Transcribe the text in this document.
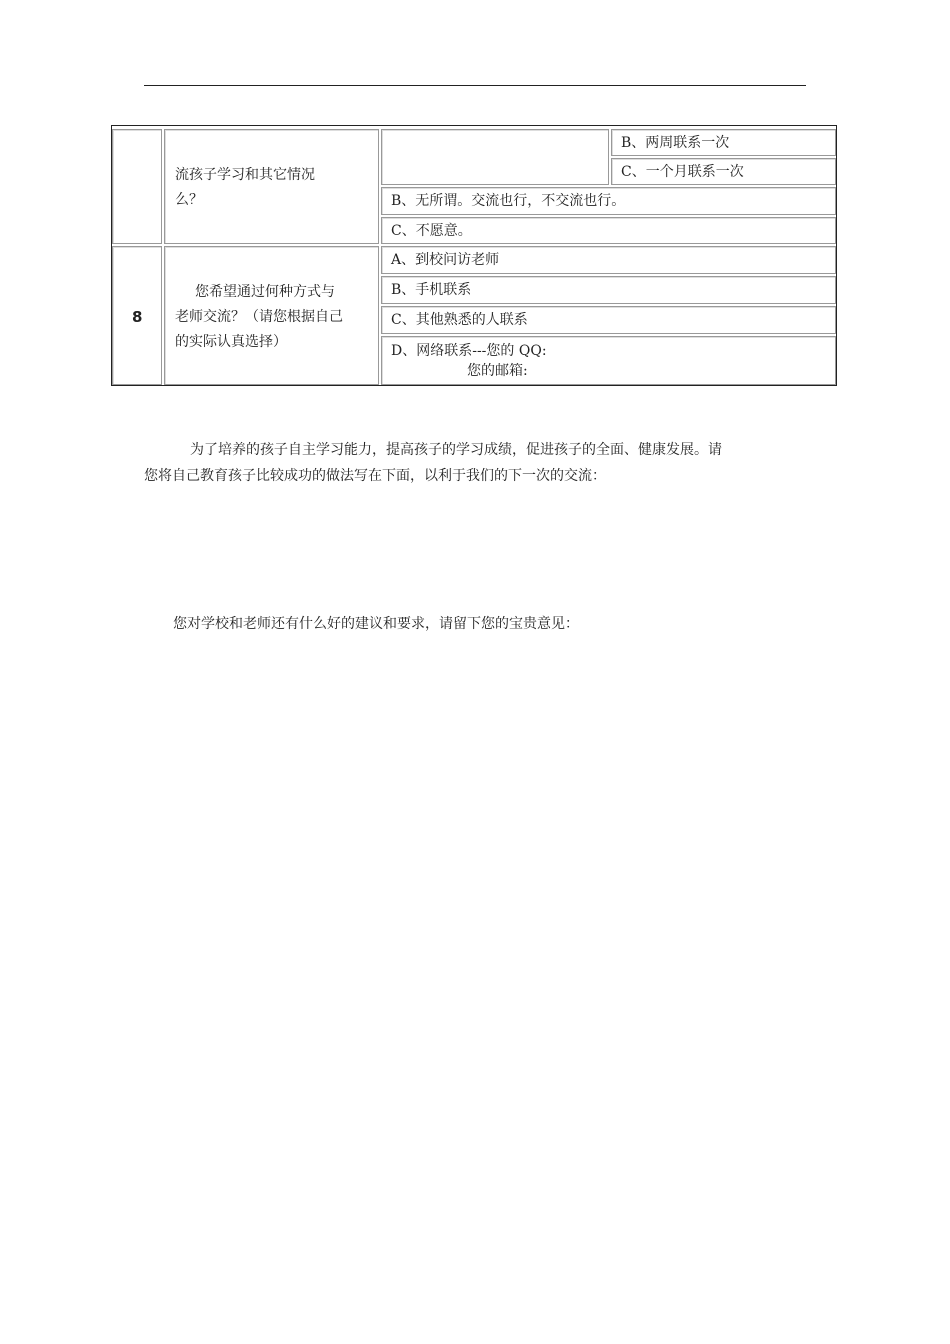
流孩子学习和其它情况
么？
B、两周联系一次
C、一个月联系一次
B、无所谓。交流也行，不交流也行。
C、不愿意。
8
您希望通过何种方式与
老师交流？（请您根据自己
的实际认真选择）
A、到校问访老师
B、手机联系
C、其他熟悉的人联系
D、网络联系---您的 QQ:
您的邮箱:
为了培养的孩子自主学习能力，提高孩子的学习成绩，促进孩子的全面、健康发展。请
您将自己教育孩子比较成功的做法写在下面，以利于我们的下一次的交流：
您对学校和老师还有什么好的建议和要求，请留下您的宝贵意见：
